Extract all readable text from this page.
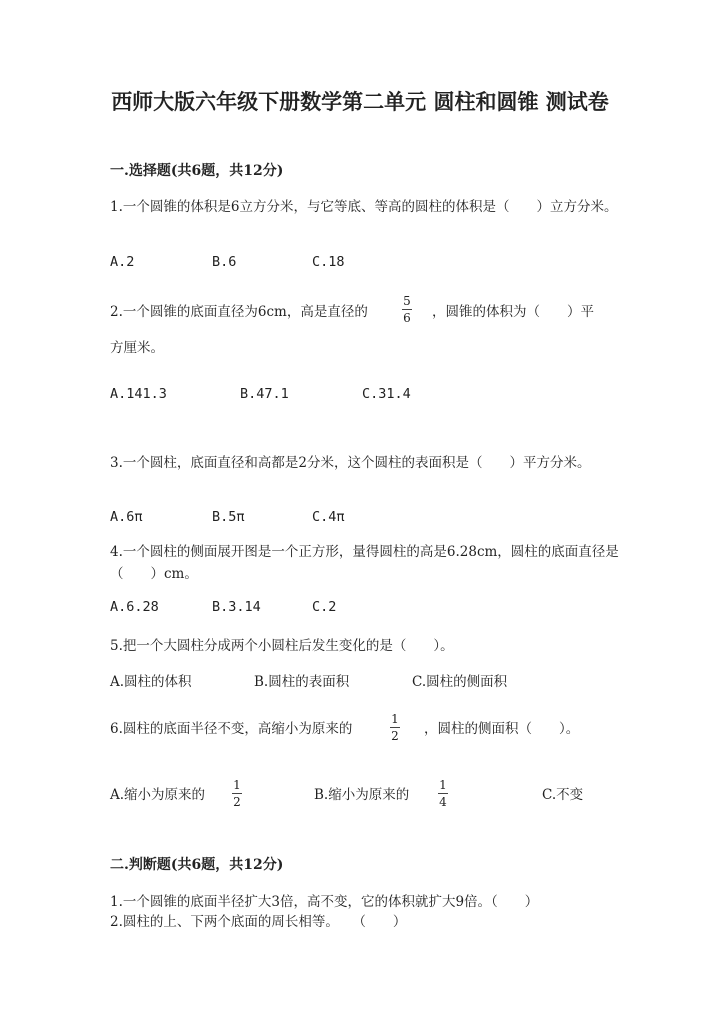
西师大版六年级下册数学第二单元 圆柱和圆锥 测试卷
一.选择题(共6题，共12分)
1.一个圆锥的体积是6立方分米，与它等底、等高的圆柱的体积是（　　）立方分米。
A.2	B.6	C.18
2.一个圆锥的底面直径为6cm，高是直径的
5
6 ，圆锥的体积为（　　）平
方厘米。
A.141.3	B.47.1	C.31.4
3.一个圆柱，底面直径和高都是2分米，这个圆柱的表面积是（　　）平方分米。
A.6π	B.5π	C.4π
4.一个圆柱的侧面展开图是一个正方形，量得圆柱的高是6.28cm，圆柱的底面直径是（　　）cm。
A.6.28	B.3.14	C.2
5.把一个大圆柱分成两个小圆柱后发生变化的是（　　）。
A.圆柱的体积	B.圆柱的表面积	C.圆柱的侧面积
6.圆柱的底面半径不变，高缩小为原来的
1
2 ，圆柱的侧面积（　　）。
A.缩小为原来的
1
2	B.缩小为原来的
1
4	C.不变
二.判断题(共6题，共12分)
1.一个圆锥的底面半径扩大3倍，高不变，它的体积就扩大9倍。（　　）
2.圆柱的上、下两个底面的周长相等。　　（　　）
